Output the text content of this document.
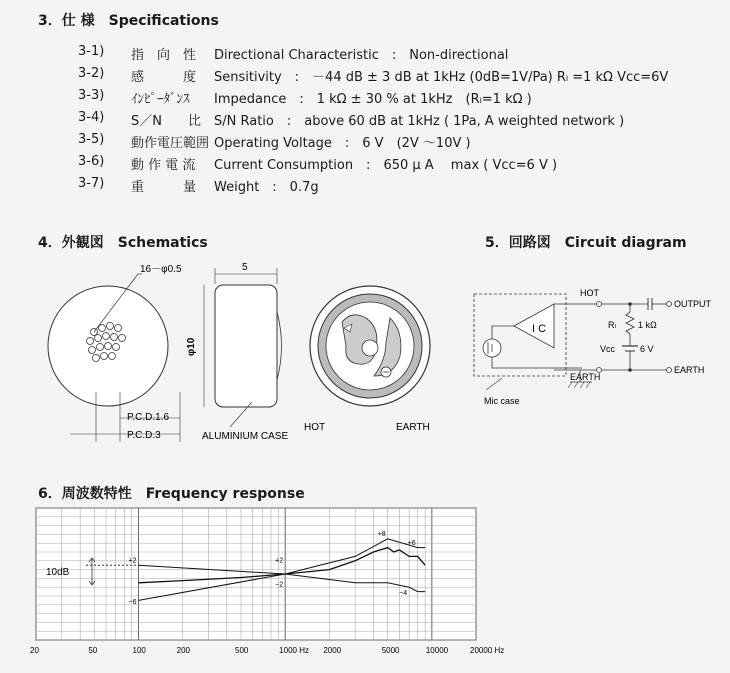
3．仕 様　Specifications
3-1) 指　向　性	Directional Characteristic　:　Non-directional
3-2) 感　　　度	Sensitivity　:　－44 dB ± 3 dB at 1kHz (0dB=1V/Pa) Rₗ =1 kΩ Vᴄᴄ=6V
3-3) ｲﾝﾋﾟｰﾀﾞﾝｽ	Impedance　:　1 kΩ ± 30 % at 1kHz　(Rₗ=1 kΩ )
3-4) S／N　　比	S/N Ratio　:　above 60 dB at 1kHz ( 1Pa, A weighted network )
3-5) 動作電圧範囲 Operating Voltage　:　6 V　(2V ～10V )
3-6) 動 作 電 流	Current Consumption　:　650 μ A　 max ( Vᴄᴄ=6 V )
3-7) 重　　　量	Weight　:　0.7g
4．外観図　Schematics	5．回路図　Circuit diagram
16－φ0.5
P.C.D.1.6
P.C.D.3
5
φ10
ALUMINIUM CASE
HOT	EARTH
I C
HOT
EARTH
Mic case
OUTPUT
Rₗ 1 kΩ
Vcc	6 V
EARTH
6．周波数特性　Frequency response
20	50	100	200	500	1000 Hz 2000	5000	10000	20000 Hz
+2
−6
+2
−2
+8
+6
−4
10dB
